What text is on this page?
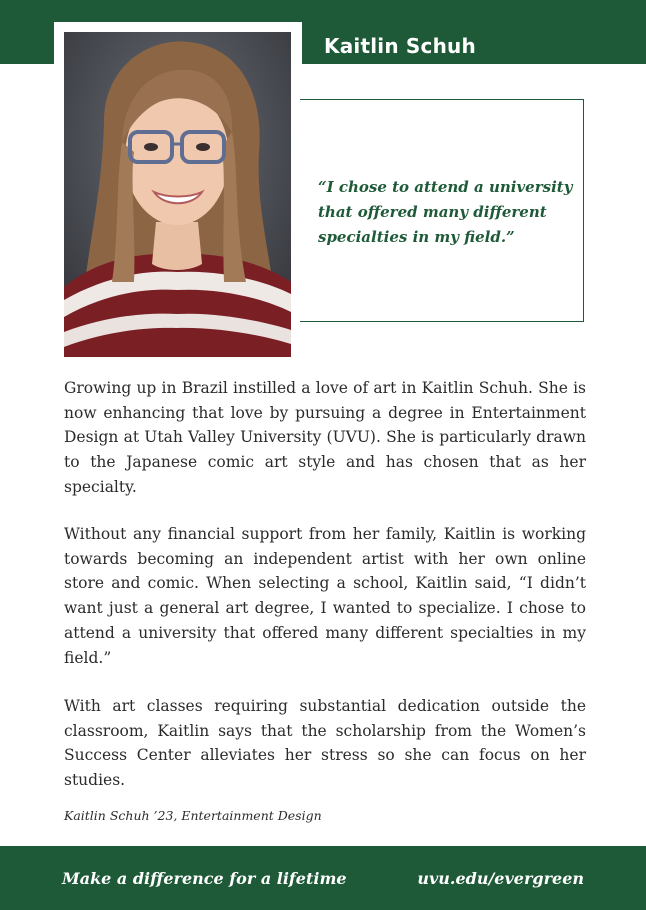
Kaitlin Schuh
“I chose to attend a university
that offered many different
specialties in my field.”

Growing up in Brazil instilled a love of art in Kaitlin Schuh. She is now enhancing that love by pursuing a degree in Entertainment Design at Utah Valley University (UVU). She is particularly drawn to the Japanese comic art style and has chosen that as her specialty.

Without any financial support from her family, Kaitlin is working towards becoming an independent artist with her own online store and comic. When selecting a school, Kaitlin said, “I didn’t want just a general art degree, I wanted to specialize. I chose to attend a university that offered many different specialties in my field.”

With art classes requiring substantial dedication outside the classroom, Kaitlin says that the scholarship from the Women’s Success Center alleviates her stress so she can focus on her studies.

Kaitlin Schuh ’23, Entertainment Design
Make a difference for a lifetime	uvu.edu/evergreen
